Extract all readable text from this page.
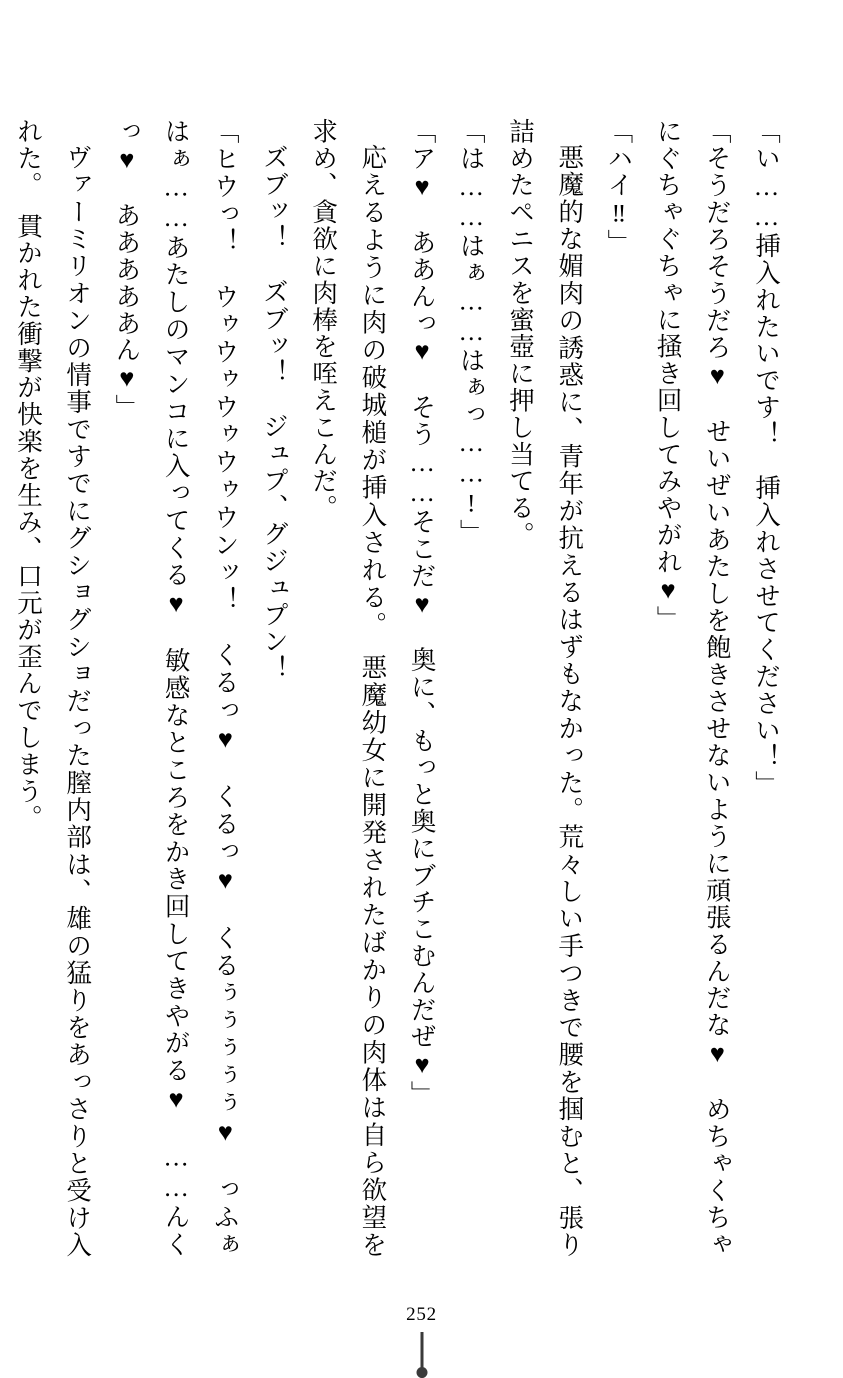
「い……挿入れたいです！　挿入れさせてください！」

「そうだろそうだろ♥　せいぜいあたしを飽きさせないように頑張るんだな♥　めちゃくちゃにぐちゃぐちゃに掻き回してみやがれ♥」

「ハイ‼」

悪魔的な媚肉の誘惑に、青年が抗えるはずもなかった。荒々しい手つきで腰を掴むと、張り詰めたペニスを蜜壺に押し当てる。

「は……はぁ……はぁっ……!」

「ア♥　ああんっ♥　そう……そこだ♥　奥に、もっと奥にブチこむんだぜ♥」

応えるように肉の破城槌が挿入される。　悪魔幼女に開発されたばかりの肉体は自ら欲望を求め、貪欲に肉棒を咥えこんだ。

ズブッ！　ズブッ！　ジュプ、グジュプン！

「ヒウっ！　ウゥウゥウゥウゥウンッ！　くるっ♥　くるっ♥　くるぅぅぅぅぅ♥　っふぁはぁ……あたしのマンコに入ってくる♥　敏感なところをかき回してきやがる♥　……んくっ♥　あああああん♥」

ヴァーミリオンの情事ですでにグショグショだった膣内部は、雄の猛りをあっさりと受け入れた。　貫かれた衝撃が快楽を生み、口元が歪んでしまう。

252
